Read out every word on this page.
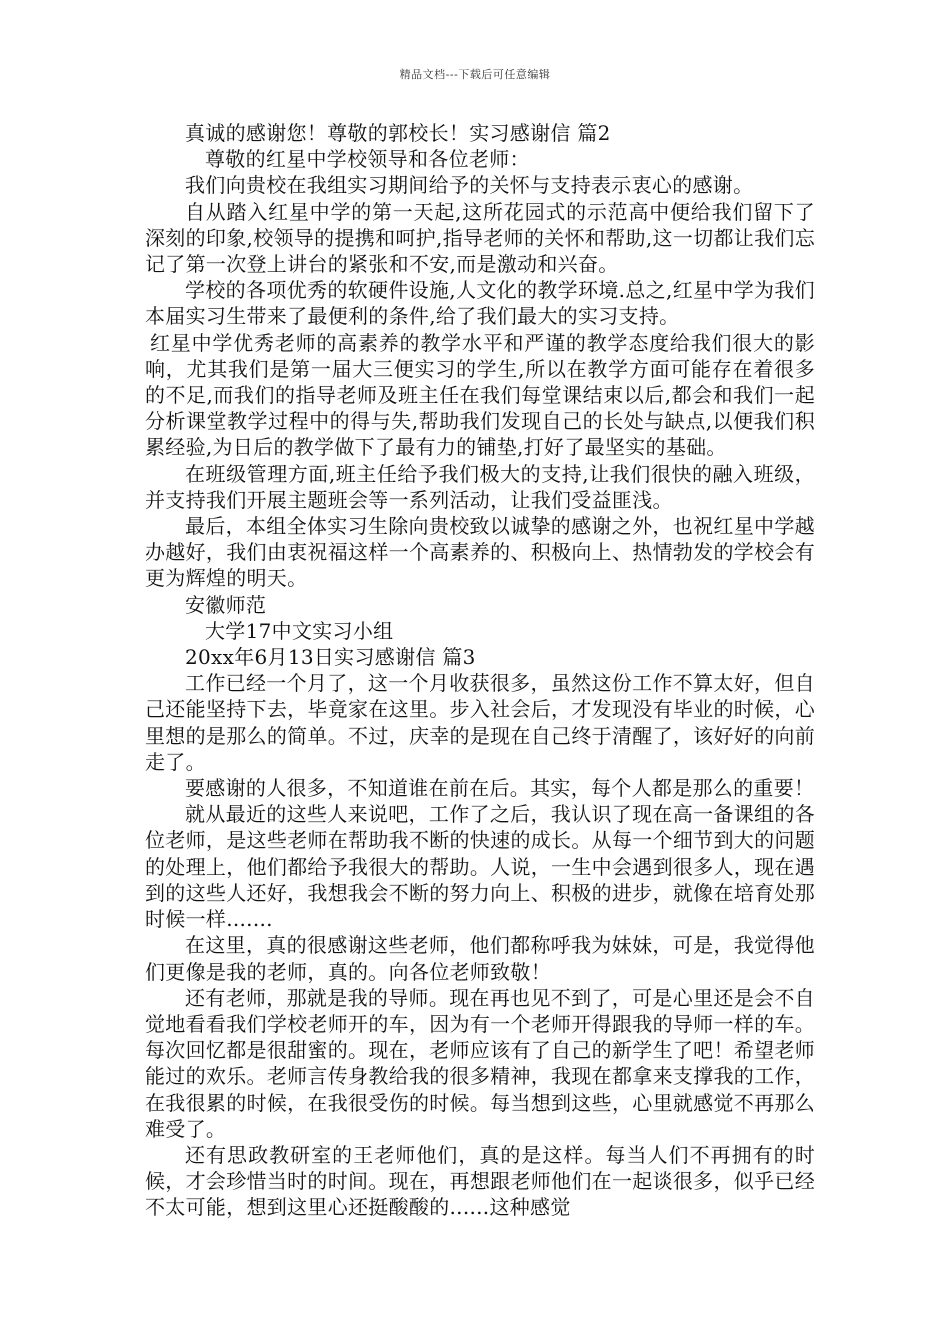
精品文档---下载后可任意编辑

真诚的感谢您！尊敬的郭校长！实习感谢信 篇2

尊敬的红星中学校领导和各位老师：

我们向贵校在我组实习期间给予的关怀与支持表示衷心的感谢。

自从踏入红星中学的第一天起,这所花园式的示范高中便给我们留下了深刻的印象,校领导的提携和呵护,指导老师的关怀和帮助,这一切都让我们忘记了第一次登上讲台的紧张和不安,而是激动和兴奋。

学校的各项优秀的软硬件设施,人文化的教学环境.总之,红星中学为我们本届实习生带来了最便利的条件,给了我们最大的实习支持。

红星中学优秀老师的高素养的教学水平和严谨的教学态度给我们很大的影响，尤其我们是第一届大三便实习的学生,所以在教学方面可能存在着很多的不足,而我们的指导老师及班主任在我们每堂课结束以后,都会和我们一起分析课堂教学过程中的得与失,帮助我们发现自己的长处与缺点,以便我们积累经验,为日后的教学做下了最有力的铺垫,打好了最坚实的基础。

在班级管理方面,班主任给予我们极大的支持,让我们很快的融入班级，并支持我们开展主题班会等一系列活动，让我们受益匪浅。

最后，本组全体实习生除向贵校致以诚挚的感谢之外，也祝红星中学越办越好，我们由衷祝福这样一个高素养的、积极向上、热情勃发的学校会有更为辉煌的明天。

安徽师范

大学17中文实习小组

20xx年6月13日实习感谢信 篇3

工作已经一个月了，这一个月收获很多，虽然这份工作不算太好，但自己还能坚持下去，毕竟家在这里。步入社会后，才发现没有毕业的时候，心里想的是那么的简单。不过，庆幸的是现在自己终于清醒了，该好好的向前走了。

要感谢的人很多，不知道谁在前在后。其实，每个人都是那么的重要！

就从最近的这些人来说吧，工作了之后，我认识了现在高一备课组的各位老师，是这些老师在帮助我不断的快速的成长。从每一个细节到大的问题的处理上，他们都给予我很大的帮助。人说，一生中会遇到很多人，现在遇到的这些人还好，我想我会不断的努力向上、积极的进步，就像在培育处那时候一样.......

在这里，真的很感谢这些老师，他们都称呼我为妹妹，可是，我觉得他们更像是我的老师，真的。向各位老师致敬！

还有老师，那就是我的导师。现在再也见不到了，可是心里还是会不自觉地看看我们学校老师开的车，因为有一个老师开得跟我的导师一样的车。每次回忆都是很甜蜜的。现在，老师应该有了自己的新学生了吧！希望老师能过的欢乐。老师言传身教给我的很多精神，我现在都拿来支撑我的工作，在我很累的时候，在我很受伤的时候。每当想到这些，心里就感觉不再那么难受了。

还有思政教研室的王老师他们，真的是这样。每当人们不再拥有的时候，才会珍惜当时的时间。现在，再想跟老师他们在一起谈很多，似乎已经不太可能，想到这里心还挺酸酸的......这种感觉
